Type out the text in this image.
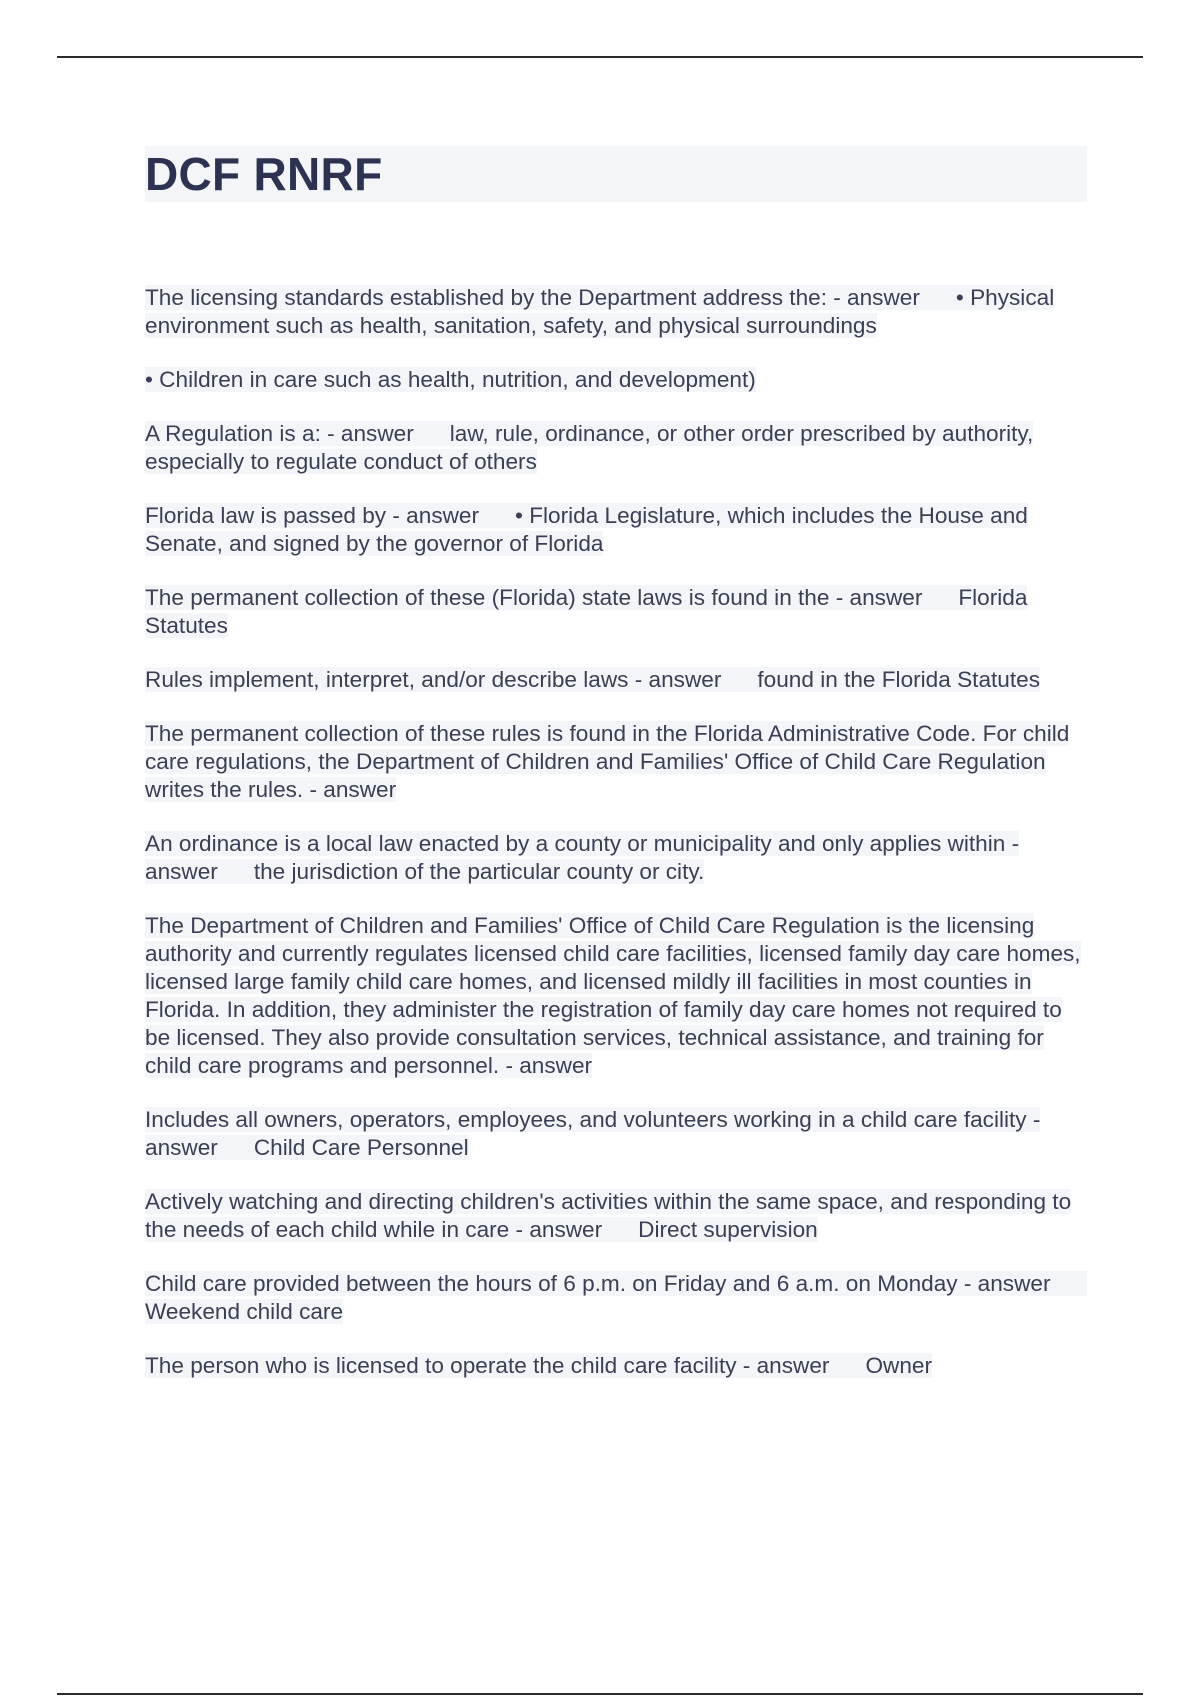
DCF RNRF

The licensing standards established by the Department address the: - answer • Physical environment such as health, sanitation, safety, and physical surroundings

• Children in care such as health, nutrition, and development)

A Regulation is a: - answer law, rule, ordinance, or other order prescribed by authority, especially to regulate conduct of others

Florida law is passed by - answer • Florida Legislature, which includes the House and Senate, and signed by the governor of Florida

The permanent collection of these (Florida) state laws is found in the - answer Florida Statutes

Rules implement, interpret, and/or describe laws - answer found in the Florida Statutes

The permanent collection of these rules is found in the Florida Administrative Code. For child care regulations, the Department of Children and Families' Office of Child Care Regulation writes the rules. - answer

An ordinance is a local law enacted by a county or municipality and only applies within - answer the jurisdiction of the particular county or city.

The Department of Children and Families' Office of Child Care Regulation is the licensing authority and currently regulates licensed child care facilities, licensed family day care homes, licensed large family child care homes, and licensed mildly ill facilities in most counties in Florida. In addition, they administer the registration of family day care homes not required to be licensed. They also provide consultation services, technical assistance, and training for child care programs and personnel. - answer

Includes all owners, operators, employees, and volunteers working in a child care facility - answer Child Care Personnel

Actively watching and directing children's activities within the same space, and responding to the needs of each child while in care - answer Direct supervision

Child care provided between the hours of 6 p.m. on Friday and 6 a.m. on Monday - answerWeekend child care

The person who is licensed to operate the child care facility - answer Owner
